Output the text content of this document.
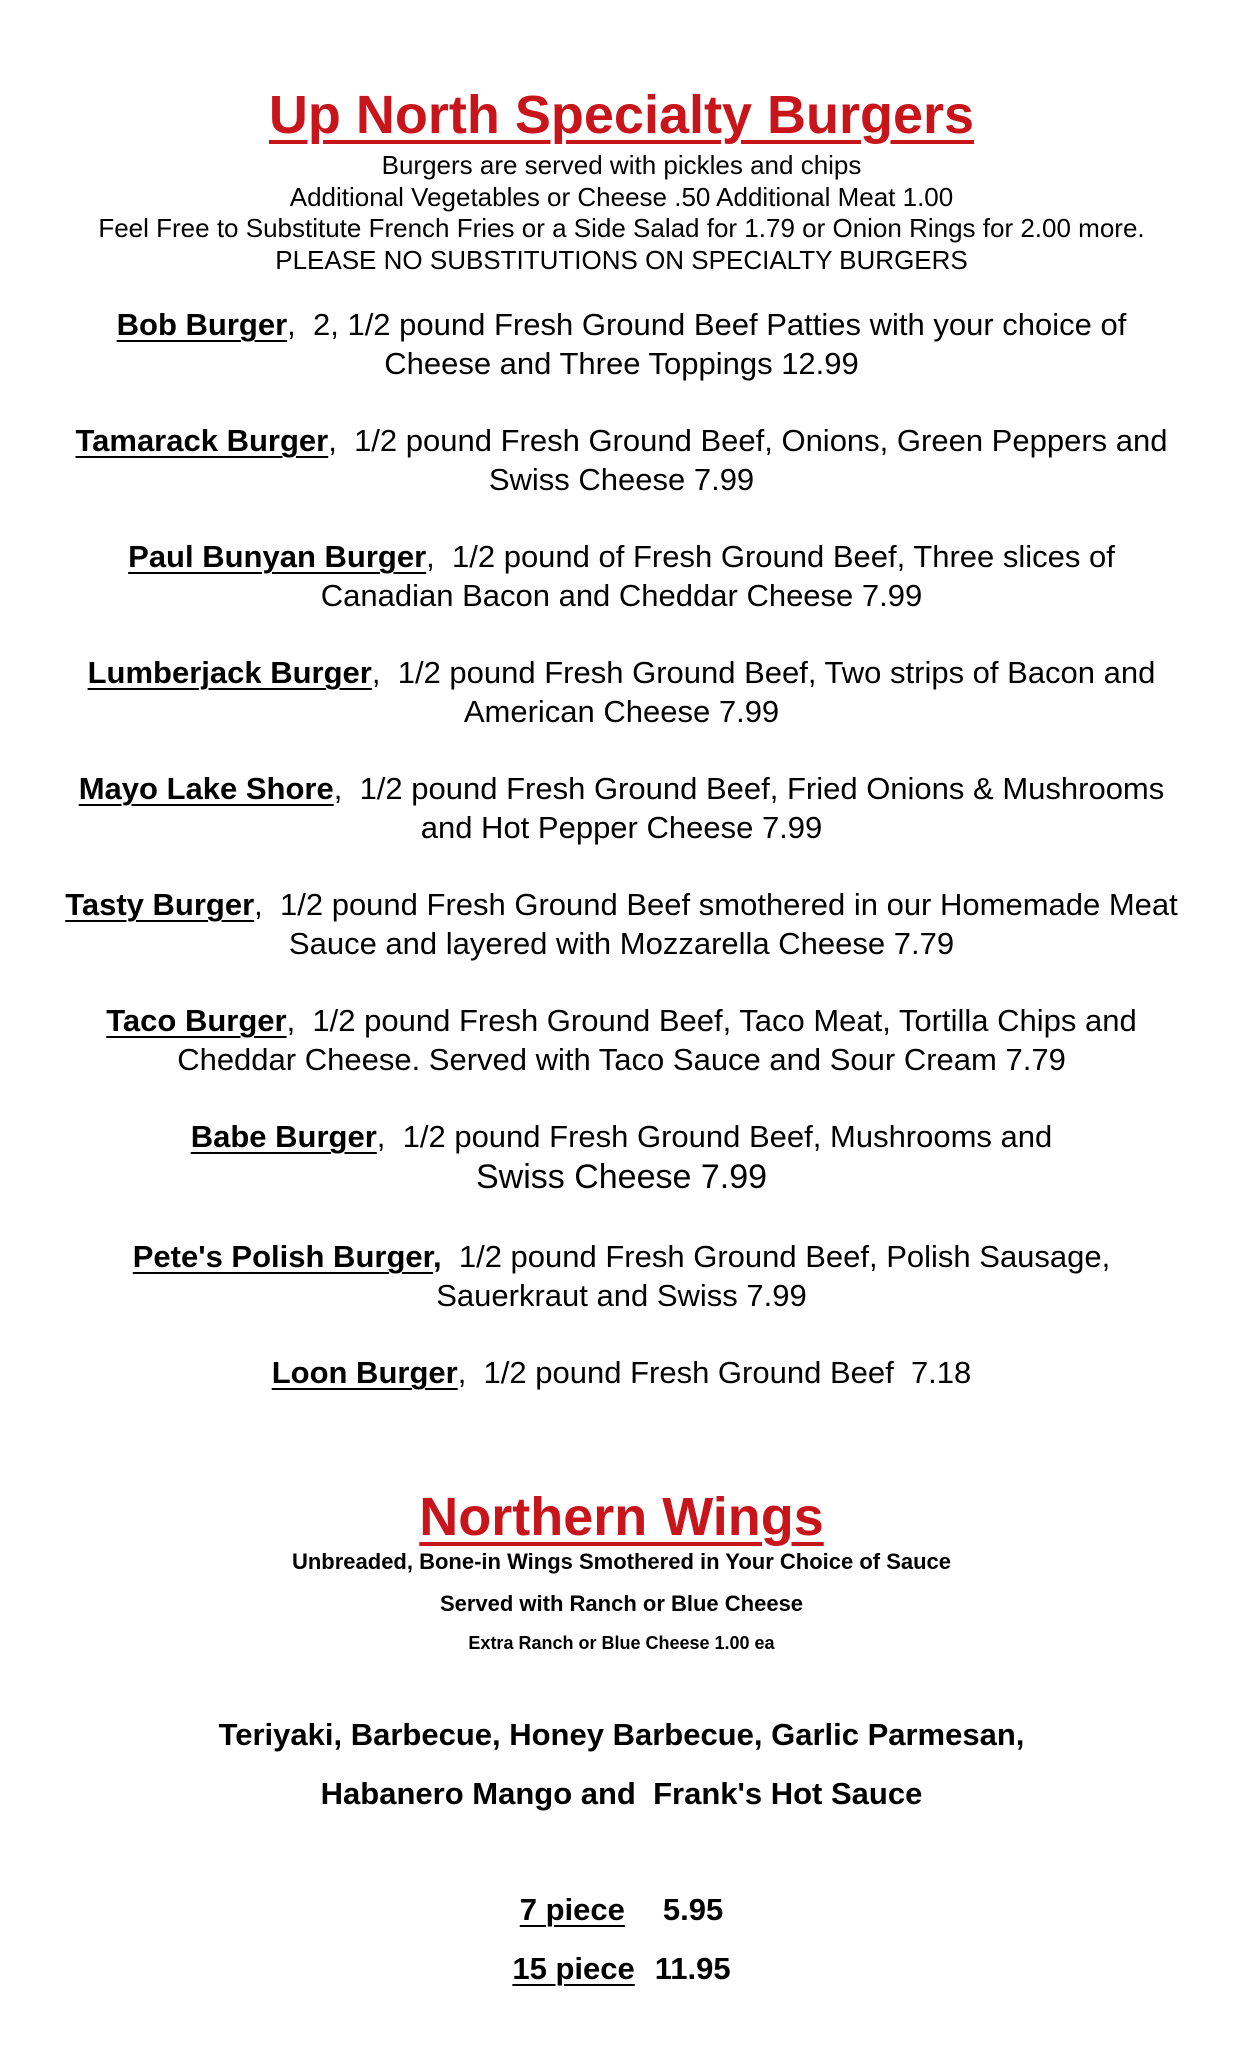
Up North Specialty Burgers
Burgers are served with pickles and chips
Additional Vegetables or Cheese .50 Additional Meat 1.00
Feel Free to Substitute French Fries or a Side Salad for 1.79 or Onion Rings for 2.00 more.
PLEASE NO SUBSTITUTIONS ON SPECIALTY BURGERS
Bob Burger,  2, 1/2 pound Fresh Ground Beef Patties with your choice of
Cheese and Three Toppings 12.99
Tamarack Burger,  1/2 pound Fresh Ground Beef, Onions, Green Peppers and
Swiss Cheese 7.99
Paul Bunyan Burger,  1/2 pound of Fresh Ground Beef, Three slices of
Canadian Bacon and Cheddar Cheese 7.99
Lumberjack Burger,  1/2 pound Fresh Ground Beef, Two strips of Bacon and
American Cheese 7.99
Mayo Lake Shore,  1/2 pound Fresh Ground Beef, Fried Onions & Mushrooms
and Hot Pepper Cheese 7.99
Tasty Burger,  1/2 pound Fresh Ground Beef smothered in our Homemade Meat
Sauce and layered with Mozzarella Cheese 7.79
Taco Burger,  1/2 pound Fresh Ground Beef, Taco Meat, Tortilla Chips and
Cheddar Cheese. Served with Taco Sauce and Sour Cream 7.79
Babe Burger,  1/2 pound Fresh Ground Beef, Mushrooms and
Swiss Cheese 7.99
Pete's Polish Burger,  1/2 pound Fresh Ground Beef, Polish Sausage,
Sauerkraut and Swiss 7.99
Loon Burger,  1/2 pound Fresh Ground Beef  7.18
Northern Wings
Unbreaded, Bone-in Wings Smothered in Your Choice of Sauce
Served with Ranch or Blue Cheese
Extra Ranch or Blue Cheese 1.00 ea
Teriyaki, Barbecue, Honey Barbecue, Garlic Parmesan,
Habanero Mango and  Frank's Hot Sauce
7 piece 5.95
15 piece 11.95
